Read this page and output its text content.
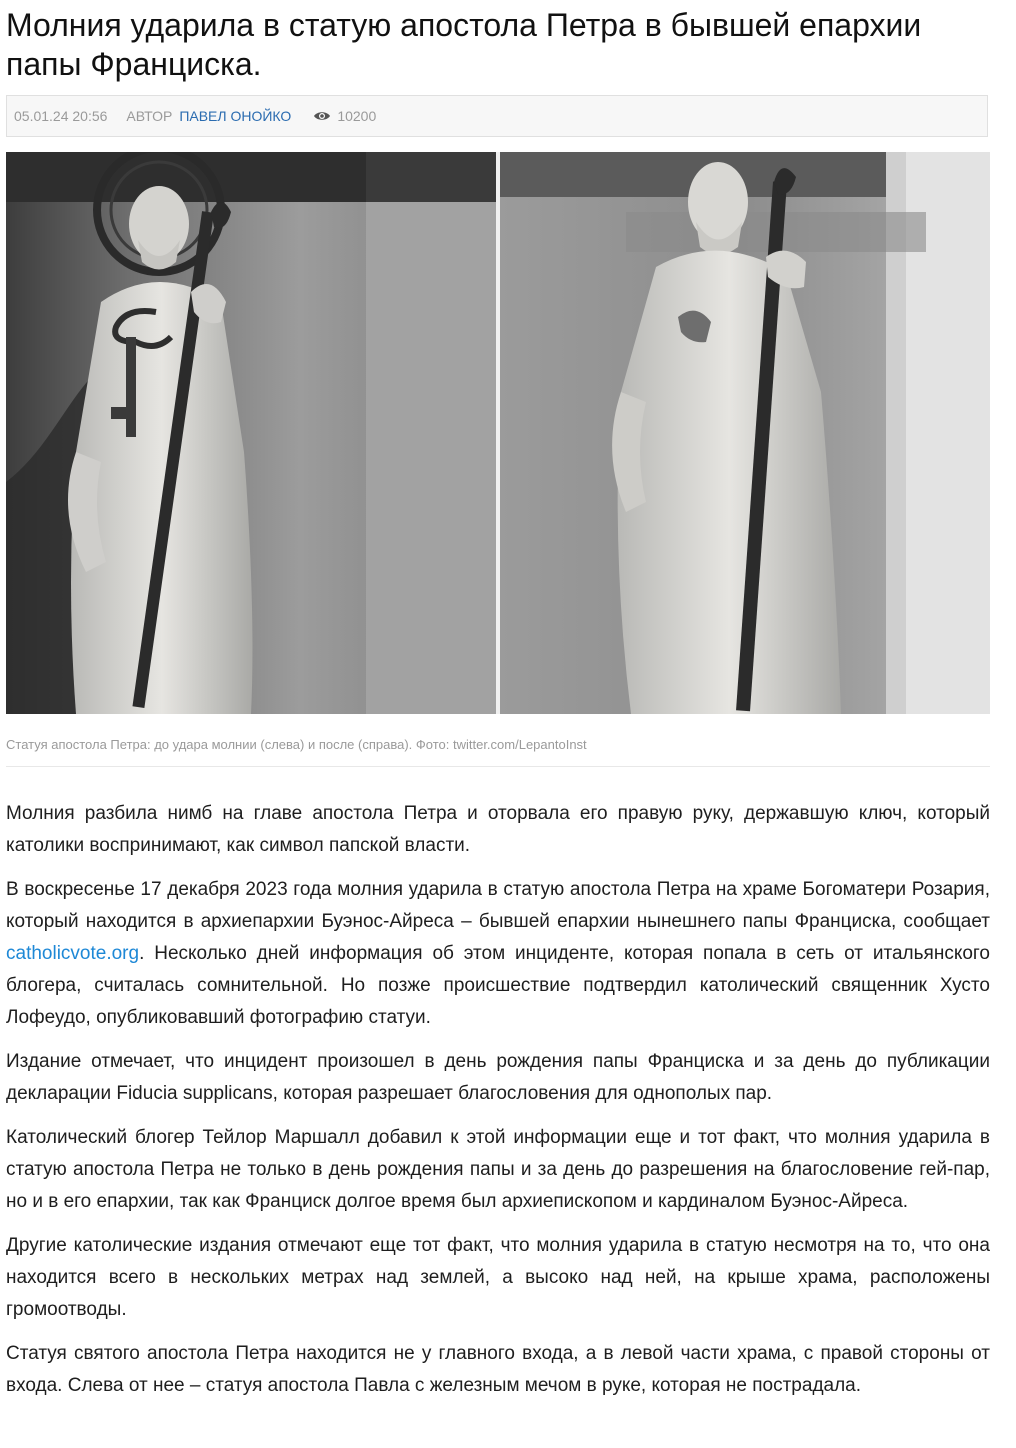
Молния ударила в статую апостола Петра в бывшей епархии папы Франциска.
05.01.24 20:56 АВТОР ПАВЕЛ ОНОЙКО	10200
Статуя апостола Петра: до удара молнии (слева) и после (справа). Фото: twitter.com/LepantoInst

Молния разбила нимб на главе апостола Петра и оторвала его правую руку, державшую ключ, который католики воспринимают, как символ папской власти.

В воскресенье 17 декабря 2023 года молния ударила в статую апостола Петра на храме Богоматери Розария, который находится в архиепархии Буэнос-Айреса – бывшей епархии нынешнего папы Франциска, сообщает catholicvote.org. Несколько дней информация об этом инциденте, которая попала в сеть от итальянского блогера, считалась сомнительной. Но позже происшествие подтвердил католический священник Хусто Лофеудо, опубликовавший фотографию статуи.

Издание отмечает, что инцидент произошел в день рождения папы Франциска и за день до публикации декларации Fiducia supplicans, которая разрешает благословения для однополых пар.

Католический блогер Тейлор Маршалл добавил к этой информации еще и тот факт, что молния ударила в статую апостола Петра не только в день рождения папы и за день до разрешения на благословение гей-пар, но и в его епархии, так как Франциск долгое время был архиепископом и кардиналом Буэнос-Айреса.

Другие католические издания отмечают еще тот факт, что молния ударила в статую несмотря на то, что она находится всего в нескольких метрах над землей, а высоко над ней, на крыше храма, расположены громоотводы.

Статуя святого апостола Петра находится не у главного входа, а в левой части храма, с правой стороны от входа. Слева от нее – статуя апостола Павла с железным мечом в руке, которая не пострадала.
